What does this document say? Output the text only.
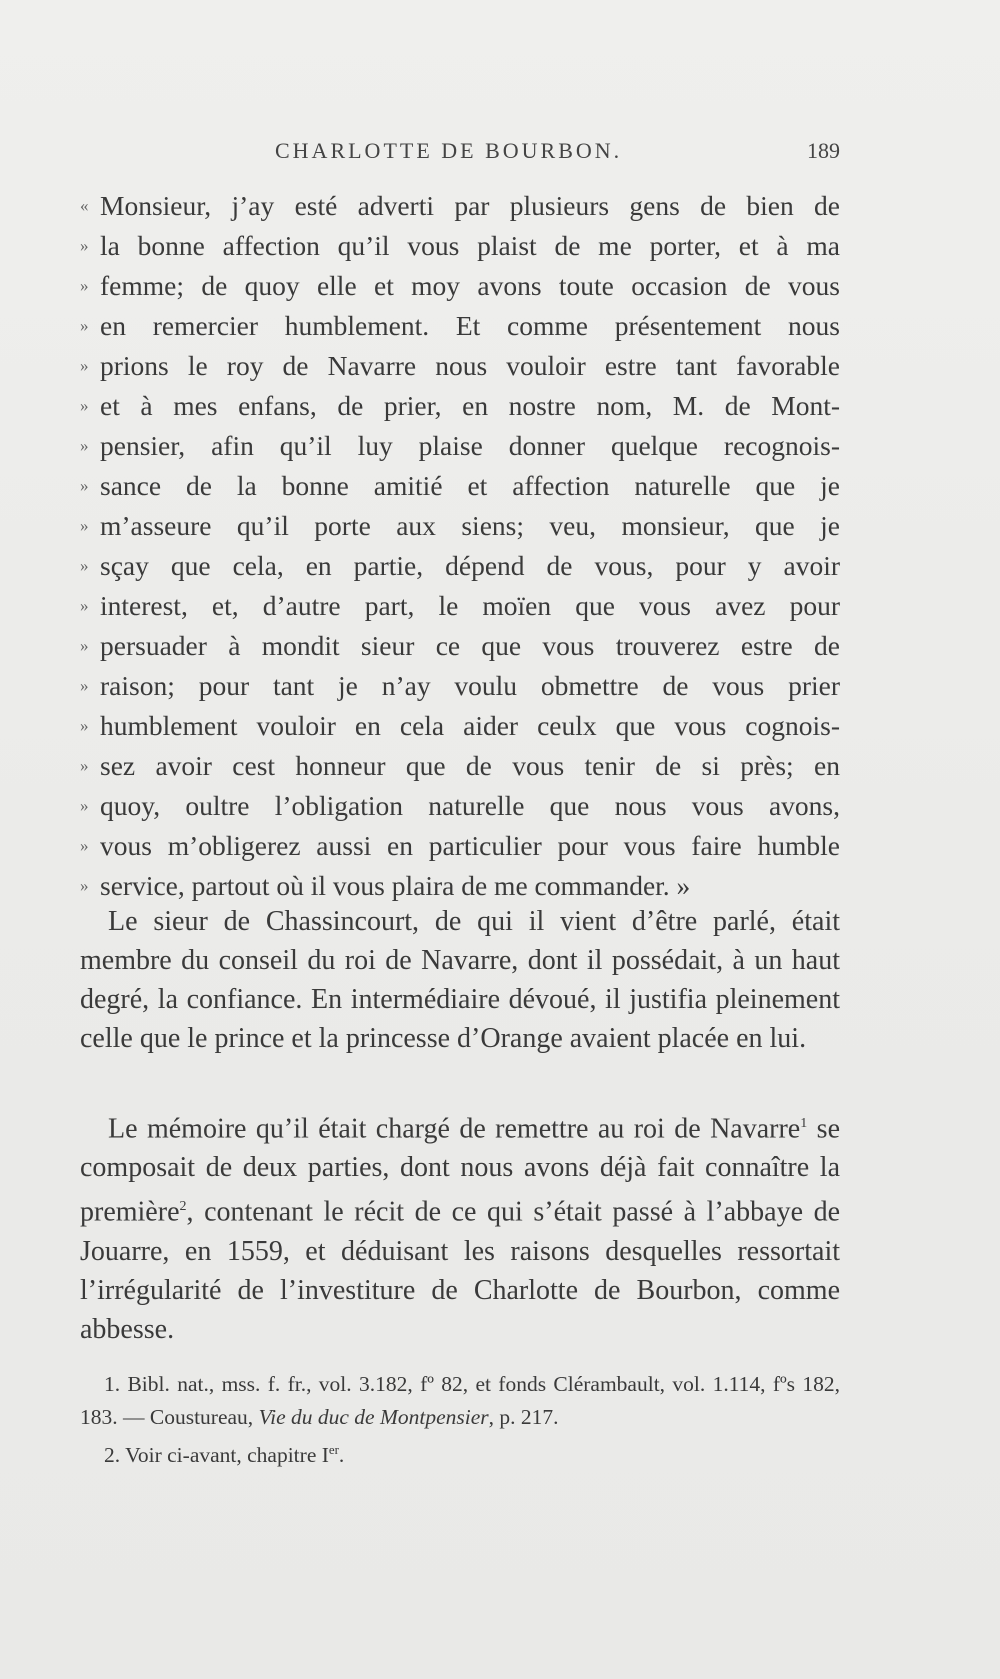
CHARLOTTE DE BOURBON.	189
« Monsieur, j’ay esté adverti par plusieurs gens de bien de
» la bonne affection qu’il vous plaist de me porter, et à ma
» femme; de quoy elle et moy avons toute occasion de vous
» en remercier humblement. Et comme présentement nous
» prions le roy de Navarre nous vouloir estre tant favorable
» et à mes enfans, de prier, en nostre nom, M. de Mont-
» pensier, afin qu’il luy plaise donner quelque recognois-
» sance de la bonne amitié et affection naturelle que je
» m’asseure qu’il porte aux siens; veu, monsieur, que je
» sçay que cela, en partie, dépend de vous, pour y avoir
» interest, et, d’autre part, le moïen que vous avez pour
» persuader à mondit sieur ce que vous trouverez estre de
» raison; pour tant je n’ay voulu obmettre de vous prier
» humblement vouloir en cela aider ceulx que vous cognois-
» sez avoir cest honneur que de vous tenir de si près; en
» quoy, oultre l’obligation naturelle que nous vous avons,
» vous m’obligerez aussi en particulier pour vous faire humble
» service, partout où il vous plaira de me commander. »

Le sieur de Chassincourt, de qui il vient d’être parlé, était membre du conseil du roi de Navarre, dont il possédait, à un haut degré, la confiance. En intermédiaire dévoué, il justifia pleinement celle que le prince et la princesse d’Orange avaient placée en lui.

Le mémoire qu’il était chargé de remettre au roi de Navarre$^1$ se composait de deux parties, dont nous avons déjà fait connaître la première$^2$, contenant le récit de ce qui s’était passé à l’abbaye de Jouarre, en 1559, et déduisant les raisons desquelles ressortait l’irrégularité de l’investiture de Charlotte de Bourbon, comme abbesse.

1. Bibl. nat., mss. f. fr., vol. 3.182, fº 82, et fonds Clérambault, vol. 1.114, fºs 182, 183. — Coustureau, Vie du duc de Montpensier, p. 217.

2. Voir ci-avant, chapitre Ier.
